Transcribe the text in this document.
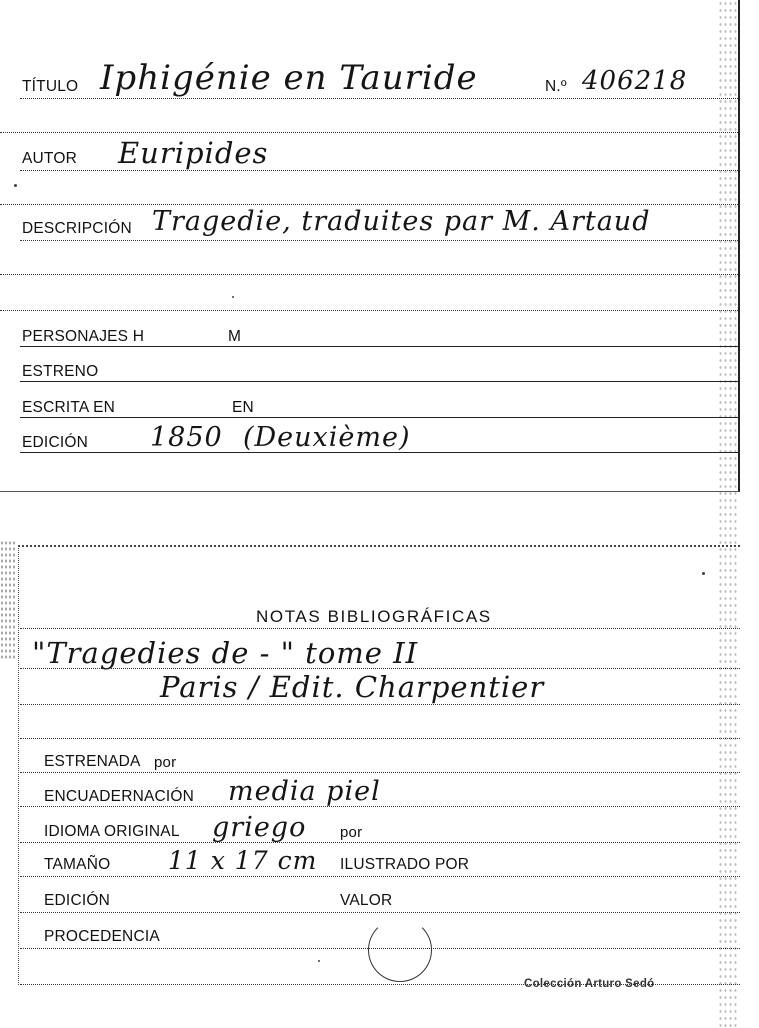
TÍTULO Iphigénie en Tauride	N.º 406218
AUTOR Euripides
DESCRIPCIÓN Tragedie, traduites par M. Artaud
PERSONAJES H	M
ESTRENO
ESCRITA EN	EN
EDICIÓN 1850 (Deuxième)
NOTAS BIBLIOGRÁFICAS
"Tragedies de - " tome II
Paris / Edit. Charpentier
ESTRENADA por
ENCUADERNACIÓN media piel
IDIOMA ORIGINAL griego por
TAMAÑO 11 x 17 cm ILUSTRADO POR
EDICIÓN	VALOR
PROCEDENCIA
Colección Arturo Sedó
